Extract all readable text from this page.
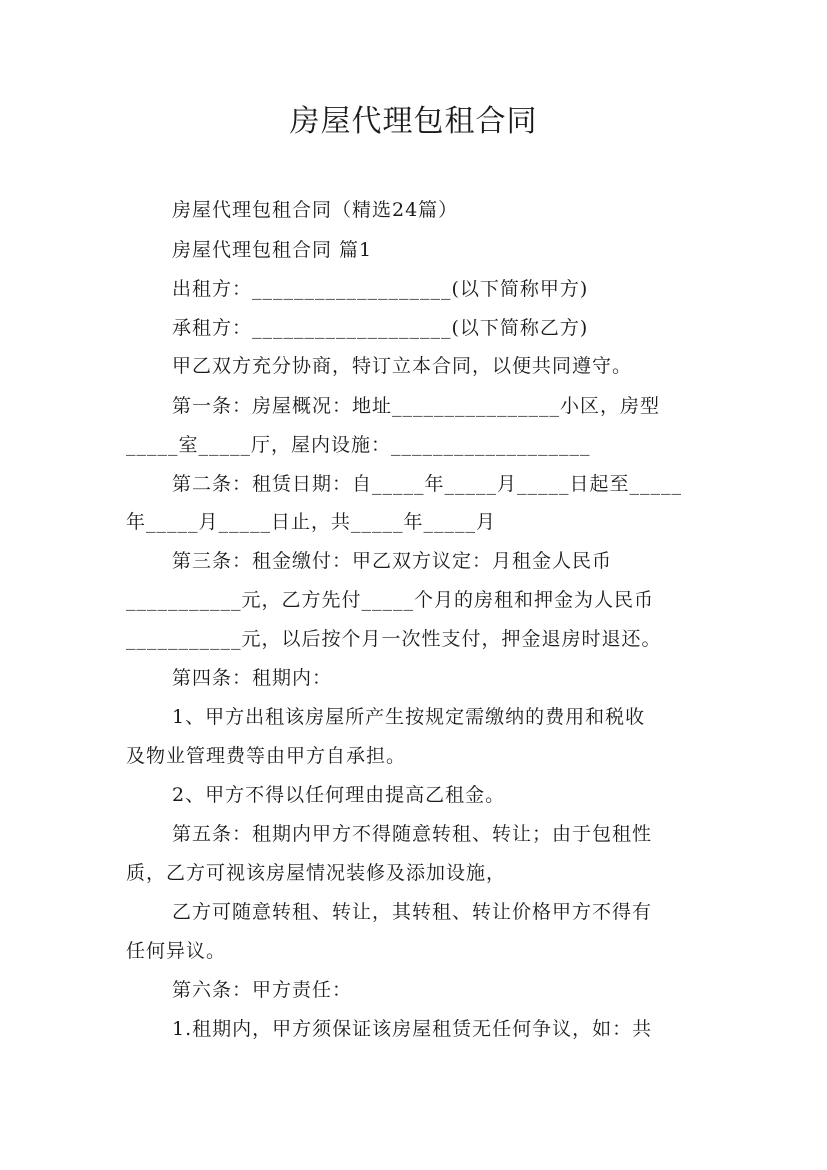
房屋代理包租合同

房屋代理包租合同（精选24篇）

房屋代理包租合同 篇1

出租方：___________________(以下简称甲方)

承租方：___________________(以下简称乙方)

甲乙双方充分协商，特订立本合同，以便共同遵守。

第一条：房屋概况：地址________________小区，房型

_____室_____厅，屋内设施：___________________

第二条：租赁日期：自_____年_____月_____日起至_____

年_____月_____日止，共_____年_____月

第三条：租金缴付：甲乙双方议定：月租金人民币

___________元，乙方先付_____个月的房租和押金为人民币

___________元，以后按个月一次性支付，押金退房时退还。

第四条：租期内：

1、甲方出租该房屋所产生按规定需缴纳的费用和税收

及物业管理费等由甲方自承担。

2、甲方不得以任何理由提高乙租金。

第五条：租期内甲方不得随意转租、转让；由于包租性

质，乙方可视该房屋情况装修及添加设施，

乙方可随意转租、转让，其转租、转让价格甲方不得有

任何异议。

第六条：甲方责任：

1.租期内，甲方须保证该房屋租赁无任何争议，如：共
